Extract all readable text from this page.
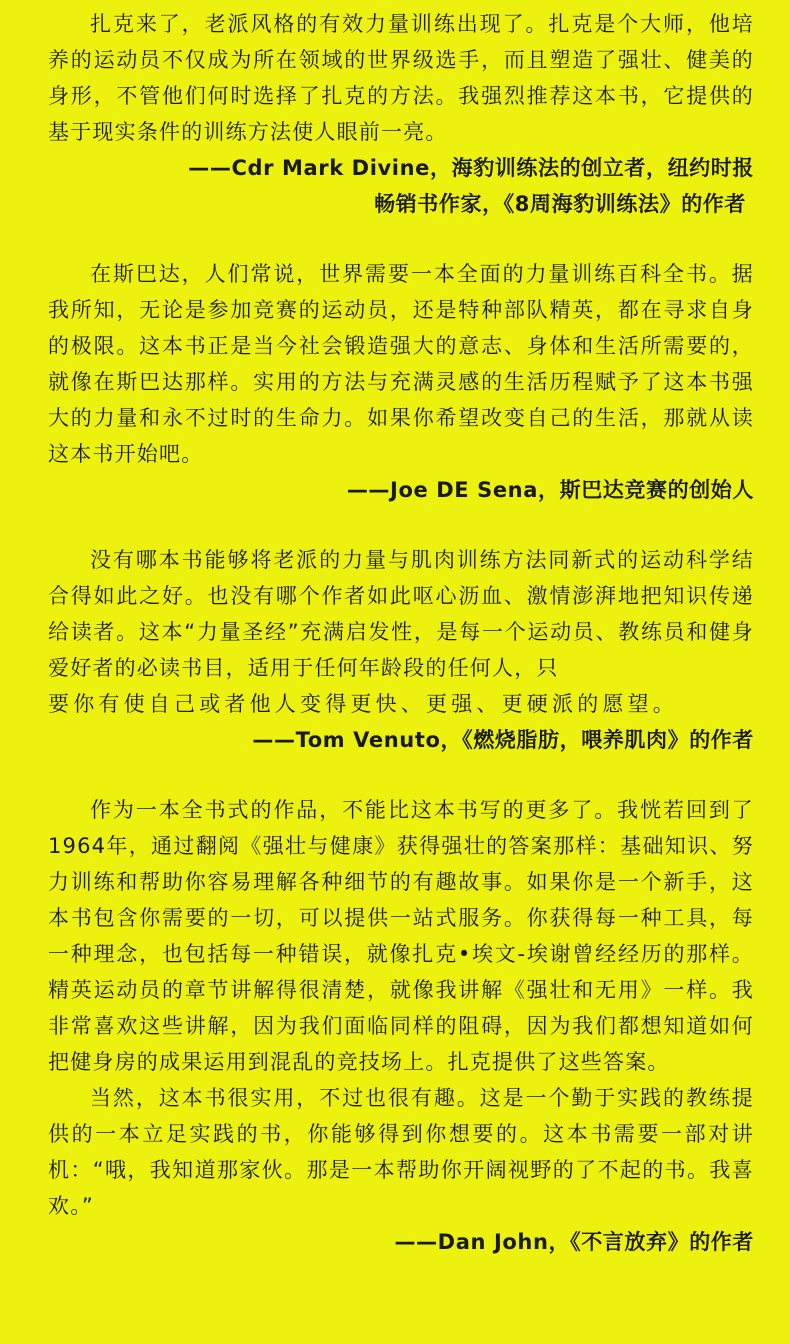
扎克来了，老派风格的有效力量训练出现了。扎克是个大师，他培养的运动员不仅成为所在领域的世界级选手，而且塑造了强壮、健美的身形，不管他们何时选择了扎克的方法。我强烈推荐这本书，它提供的基于现实条件的训练方法使人眼前一亮。

——Cdr Mark Divine，海豹训练法的创立者，纽约时报

畅销书作家，《8周海豹训练法》的作者

在斯巴达，人们常说，世界需要一本全面的力量训练百科全书。据我所知，无论是参加竞赛的运动员，还是特种部队精英，都在寻求自身的极限。这本书正是当今社会锻造强大的意志、身体和生活所需要的，就像在斯巴达那样。实用的方法与充满灵感的生活历程赋予了这本书强大的力量和永不过时的生命力。如果你希望改变自己的生活，那就从读这本书开始吧。

——Joe DE Sena，斯巴达竞赛的创始人

没有哪本书能够将老派的力量与肌肉训练方法同新式的运动科学结合得如此之好。也没有哪个作者如此呕心沥血、激情澎湃地把知识传递给读者。这本“力量圣经”充满启发性，是每一个运动员、教练员和健身爱好者的必读书目，适用于任何年龄段的任何人，只

要你有使自己或者他人变得更快、更强、更硬派的愿望。

——Tom Venuto，《燃烧脂肪，喂养肌肉》的作者

作为一本全书式的作品，不能比这本书写的更多了。我恍若回到了1964年，通过翻阅《强壮与健康》获得强壮的答案那样：基础知识、努力训练和帮助你容易理解各种细节的有趣故事。如果你是一个新手，这本书包含你需要的一切，可以提供一站式服务。你获得每一种工具，每一种理念，也包括每一种错误，就像扎克•埃文-埃谢曾经经历的那样。精英运动员的章节讲解得很清楚，就像我讲解《强壮和无用》一样。我非常喜欢这些讲解，因为我们面临同样的阻碍，因为我们都想知道如何把健身房的成果运用到混乱的竞技场上。扎克提供了这些答案。

当然，这本书很实用，不过也很有趣。这是一个勤于实践的教练提供的一本立足实践的书，你能够得到你想要的。这本书需要一部对讲机：“哦，我知道那家伙。那是一本帮助你开阔视野的了不起的书。我喜欢。”

——Dan John，《不言放弃》的作者
